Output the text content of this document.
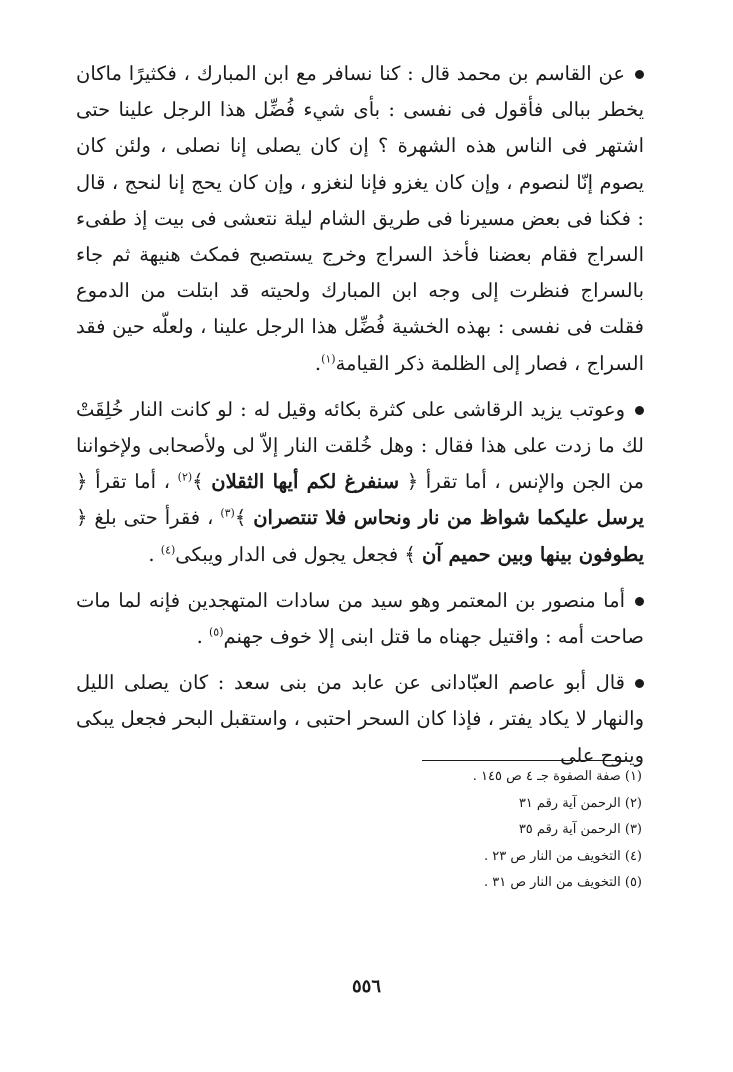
عن القاسم بن محمد قال : كنا نسافر مع ابن المبارك ، فكثيرًا ماكان يخطر ببالى فأقول فى نفسى : بأى شيء فُضِّل هذا الرجل علينا حتى اشتهر فى الناس هذه الشهرة ؟ إن كان يصلى إنا نصلى ، ولئن كان يصوم إنّا لنصوم ، وإن كان يغزو فإنا لنغزو ، وإن كان يحج إنا لنحج ، قال : فكنا فى بعض مسيرنا فى طريق الشام ليلة نتعشى فى بيت إذ طفىء السراج فقام بعضنا فأخذ السراج وخرج يستصبح فمكث هنيهة ثم جاء بالسراج فنظرت إلى وجه ابن المبارك ولحيته قد ابتلت من الدموع فقلت فى نفسى : بهذه الخشية فُضِّل هذا الرجل علينا ، ولعلّه حين فقد السراج ، فصار إلى الظلمة ذكر القيامة$^{(١)}$.

وعوتب يزيد الرقاشى على كثرة بكائه وقيل له : لو كانت النار خُلِقَتْ لك ما زدت على هذا فقال : وهل خُلقت النار إلاّ لى ولأصحابى ولإخواننا من الجن والإنس ، أما تقرأ ﴿ سنفرغ لكم أيها الثقلان ﴾$^{(٢)}$ ، أما تقرأ ﴿ يرسل عليكما شواظ من نار ونحاس فلا تنتصران ﴾$^{(٣)}$ ، فقرأ حتى بلغ ﴿ يطوفون بينها وبين حميم آن ﴾ فجعل يجول فى الدار ويبكى$^{(٤)}$ .

أما منصور بن المعتمر وهو سيد من سادات المتهجدين فإنه لما مات صاحت أمه : واقتيل جهناه ما قتل ابنى إلا خوف جهنم$^{(٥)}$ .

قال أبو عاصم العبّادانى عن عابد من بنى سعد : كان يصلى الليل والنهار لا يكاد يفتر ، فإذا كان السحر احتبى ، واستقبل البحر فجعل يبكى وينوح على

(١) صفة الصفوة جـ ٤ ص ١٤٥ .
(٢) الرحمن آية رقم ٣١
(٣) الرحمن آية رقم ٣٥
(٤) التخويف من النار ص ٢٣ .
(٥) التخويف من النار ص ٣١ .
٥٥٦
